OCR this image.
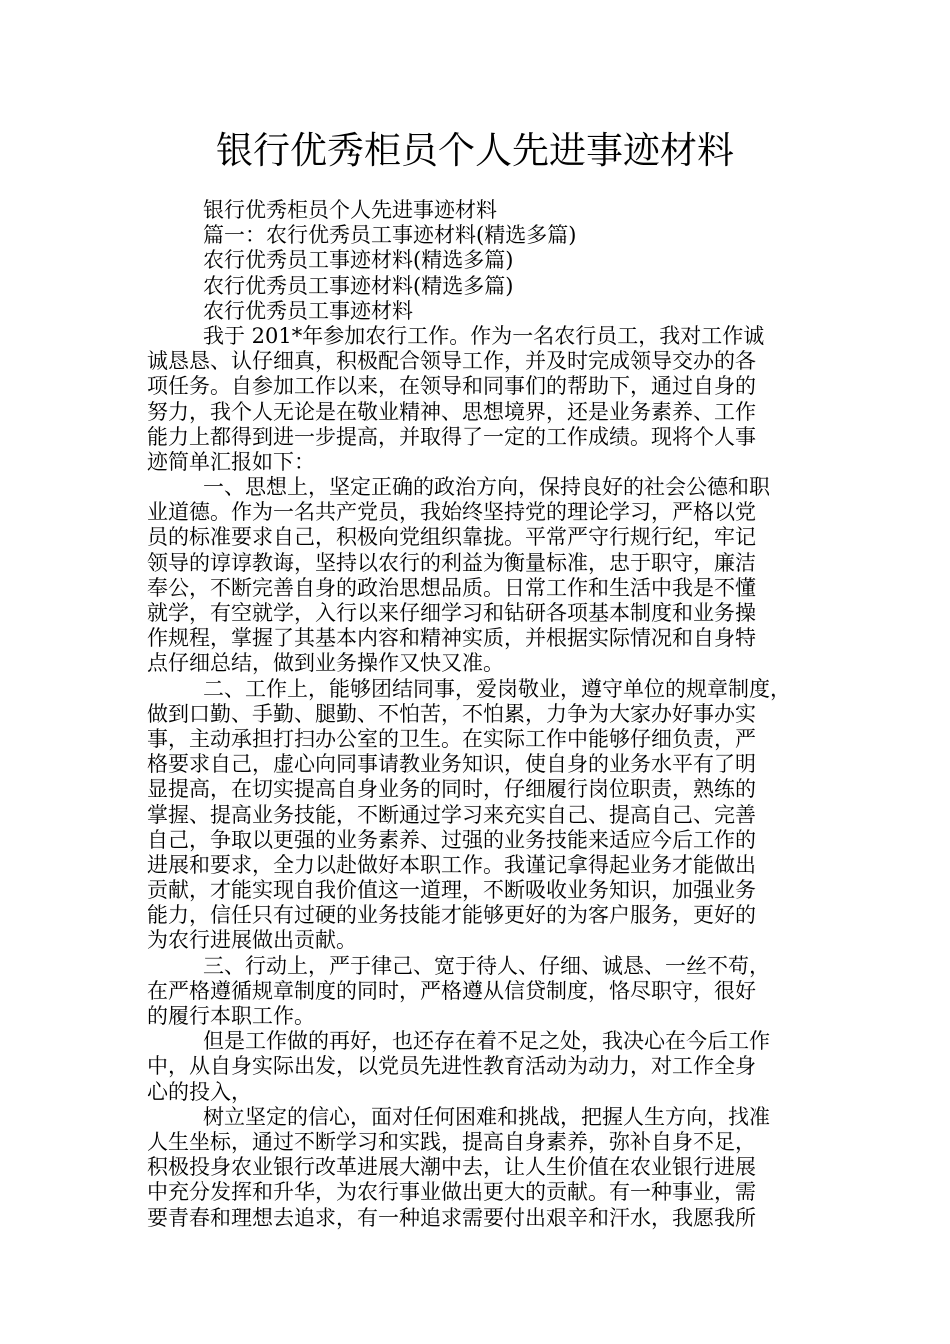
银行优秀柜员个人先进事迹材料
银行优秀柜员个人先进事迹材料
篇一：农行优秀员工事迹材料(精选多篇)
农行优秀员工事迹材料(精选多篇)
农行优秀员工事迹材料(精选多篇)
农行优秀员工事迹材料
我于 201*年参加农行工作。作为一名农行员工，我对工作诚
诚恳恳、认仔细真，积极配合领导工作，并及时完成领导交办的各
项任务。自参加工作以来，在领导和同事们的帮助下，通过自身的
努力，我个人无论是在敬业精神、思想境界，还是业务素养、工作
能力上都得到进一步提高，并取得了一定的工作成绩。现将个人事
迹简单汇报如下：
一、思想上，坚定正确的政治方向，保持良好的社会公德和职
业道德。作为一名共产党员，我始终坚持党的理论学习，严格以党
员的标准要求自己，积极向党组织靠拢。平常严守行规行纪，牢记
领导的谆谆教诲，坚持以农行的利益为衡量标准，忠于职守，廉洁
奉公，不断完善自身的政治思想品质。日常工作和生活中我是不懂
就学，有空就学，入行以来仔细学习和钻研各项基本制度和业务操
作规程，掌握了其基本内容和精神实质，并根据实际情况和自身特
点仔细总结，做到业务操作又快又准。
二、工作上，能够团结同事，爱岗敬业，遵守单位的规章制度，
做到口勤、手勤、腿勤、不怕苦，不怕累，力争为大家办好事办实
事，主动承担打扫办公室的卫生。在实际工作中能够仔细负责，严
格要求自己，虚心向同事请教业务知识，使自身的业务水平有了明
显提高，在切实提高自身业务的同时，仔细履行岗位职责，熟练的
掌握、提高业务技能，不断通过学习来充实自己、提高自己、完善
自己，争取以更强的业务素养、过强的业务技能来适应今后工作的
进展和要求，全力以赴做好本职工作。我谨记拿得起业务才能做出
贡献，才能实现自我价值这一道理，不断吸收业务知识，加强业务
能力，信任只有过硬的业务技能才能够更好的为客户服务，更好的
为农行进展做出贡献。
三、行动上，严于律己、宽于待人、仔细、诚恳、一丝不苟，
在严格遵循规章制度的同时，严格遵从信贷制度，恪尽职守，很好
的履行本职工作。
但是工作做的再好，也还存在着不足之处，我决心在今后工作
中，从自身实际出发，以党员先进性教育活动为动力，对工作全身
心的投入，
树立坚定的信心，面对任何困难和挑战，把握人生方向，找准
人生坐标，通过不断学习和实践，提高自身素养，弥补自身不足，
积极投身农业银行改革进展大潮中去，让人生价值在农业银行进展
中充分发挥和升华，为农行事业做出更大的贡献。有一种事业，需
要青春和理想去追求，有一种追求需要付出艰辛和汗水，我愿我所
